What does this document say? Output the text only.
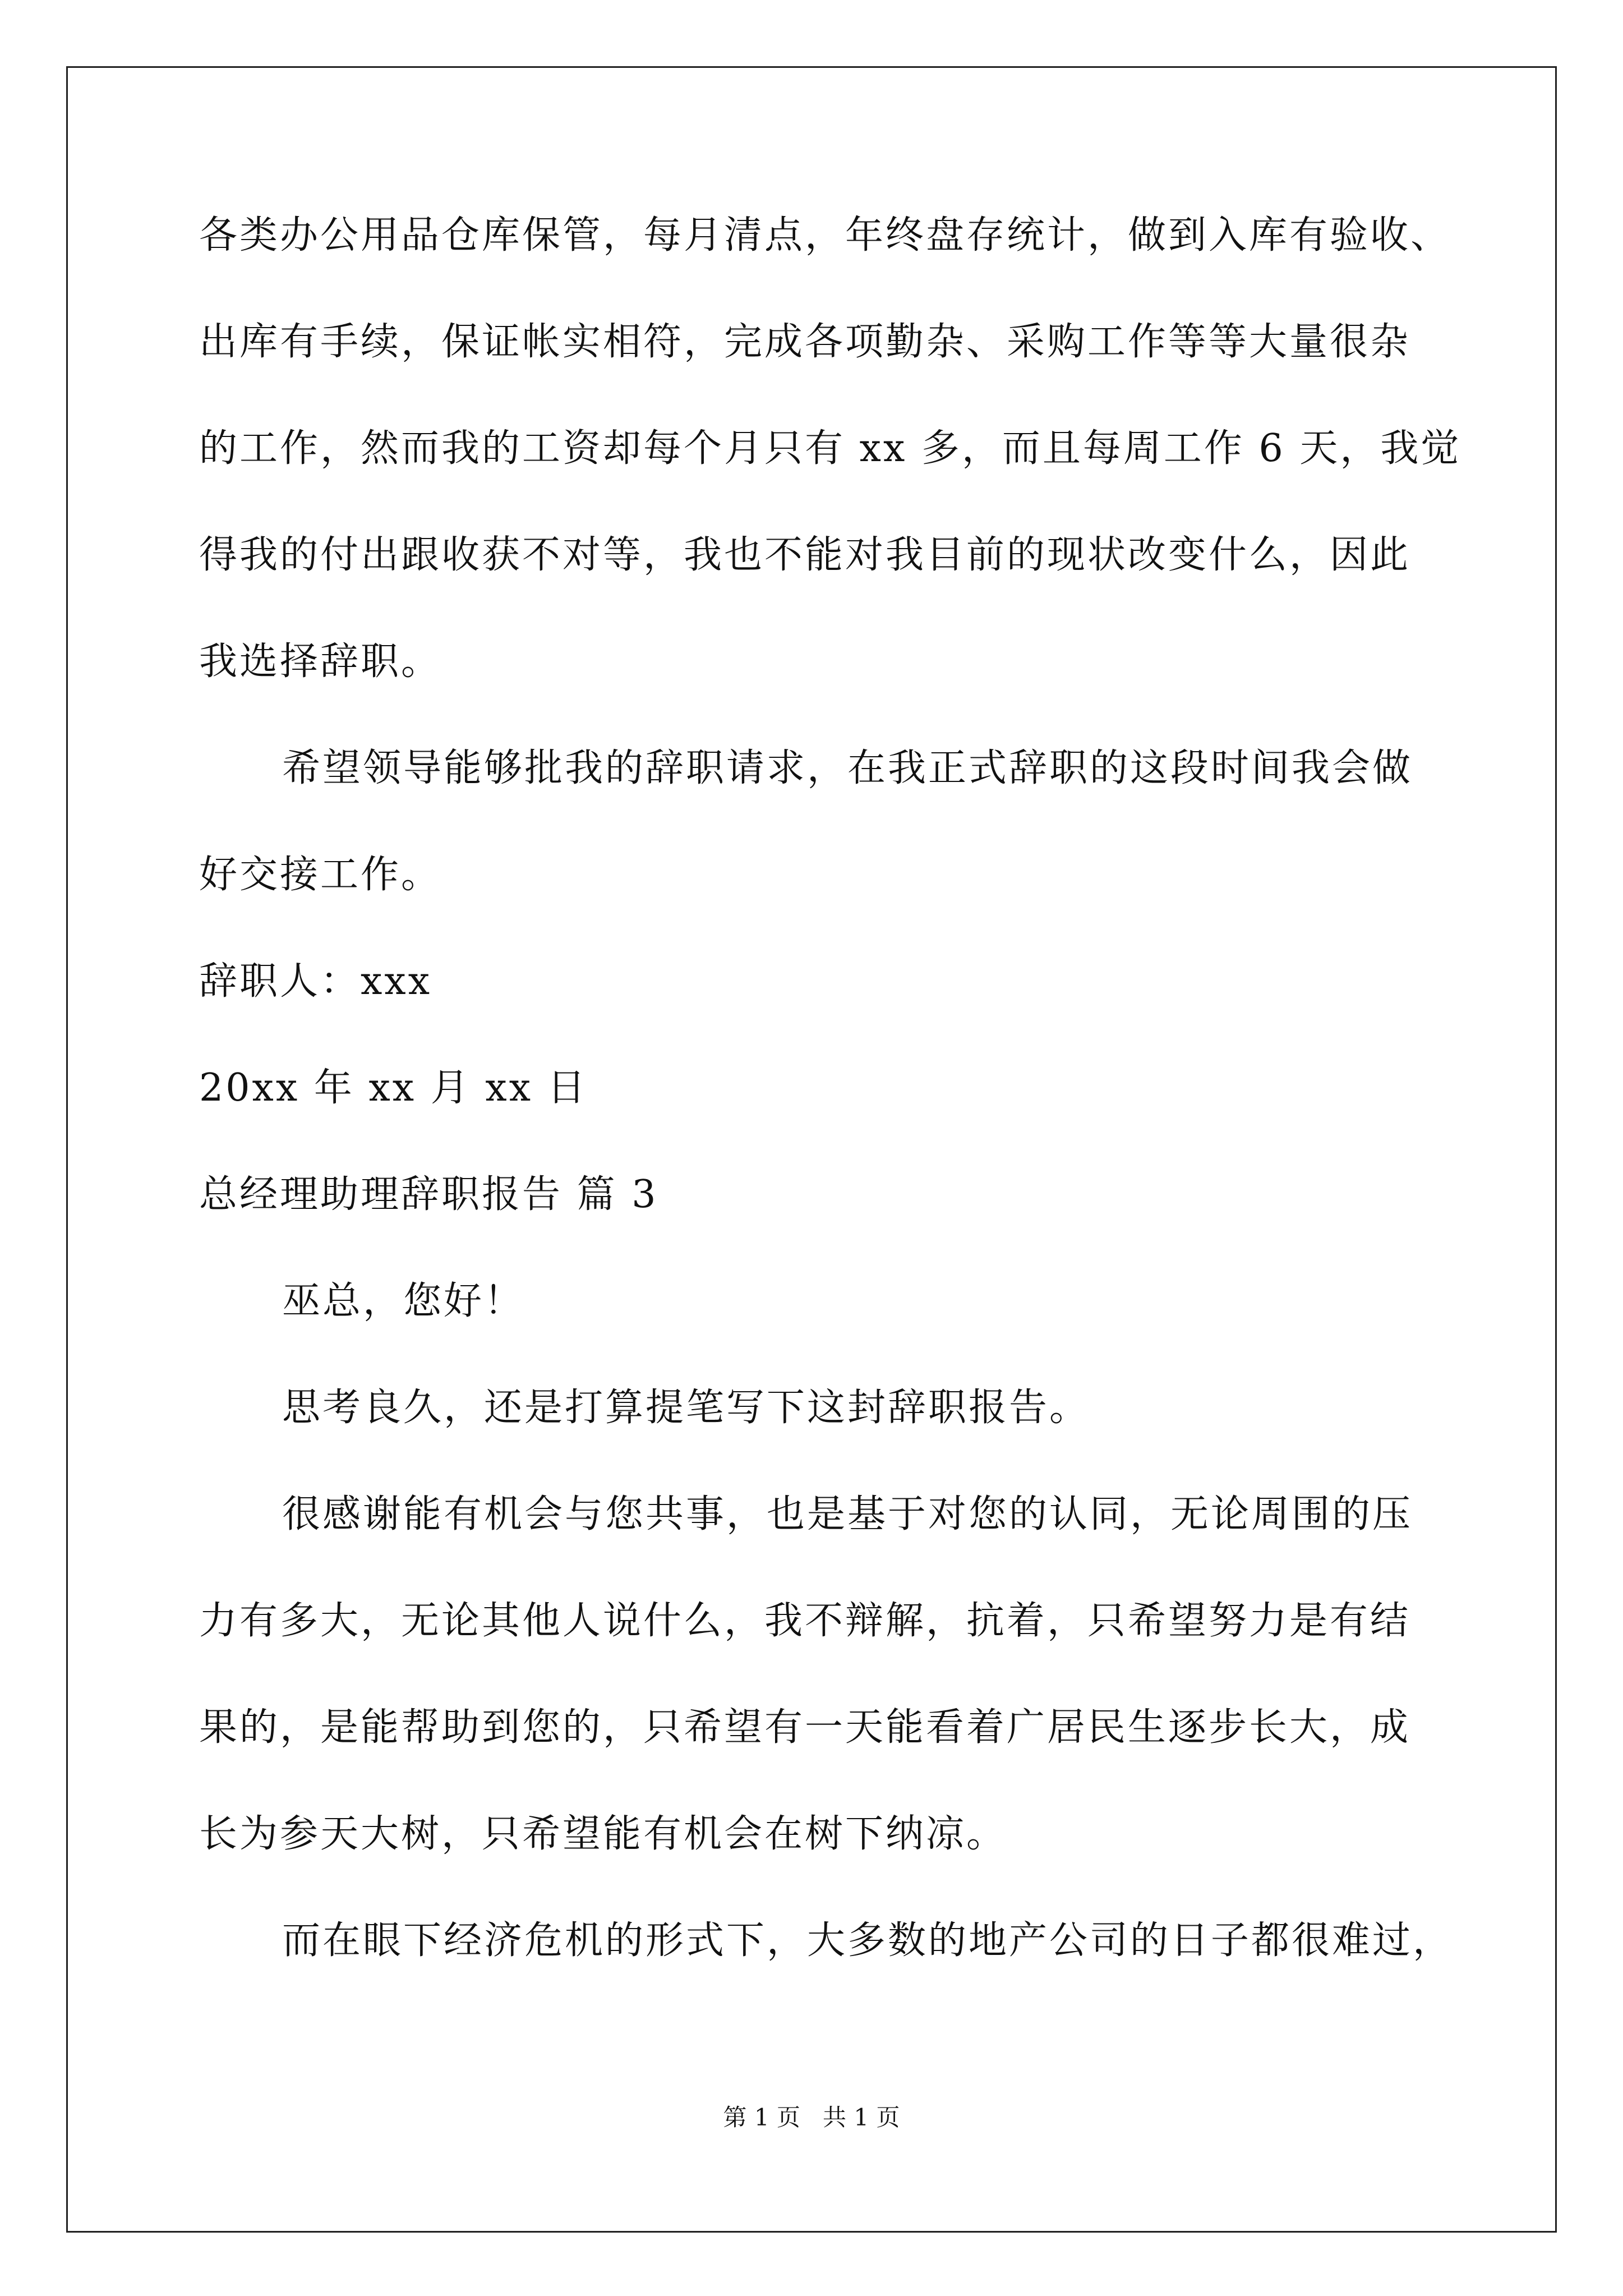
各类办公用品仓库保管，每月清点，年终盘存统计，做到入库有验收、
出库有手续，保证帐实相符，完成各项勤杂、采购工作等等大量很杂
的工作，然而我的工资却每个月只有 xx 多，而且每周工作 6 天，我觉
得我的付出跟收获不对等，我也不能对我目前的现状改变什么，因此
我选择辞职。
希望领导能够批我的辞职请求，在我正式辞职的这段时间我会做
好交接工作。
辞职人：xxx
20xx 年 xx 月 xx 日
总经理助理辞职报告 篇 3
巫总，您好！
思考良久，还是打算提笔写下这封辞职报告。
很感谢能有机会与您共事，也是基于对您的认同，无论周围的压
力有多大，无论其他人说什么，我不辩解，抗着，只希望努力是有结
果的，是能帮助到您的，只希望有一天能看着广居民生逐步长大，成
长为参天大树，只希望能有机会在树下纳凉。
而在眼下经济危机的形式下，大多数的地产公司的日子都很难过，
第 1 页   共 1 页
